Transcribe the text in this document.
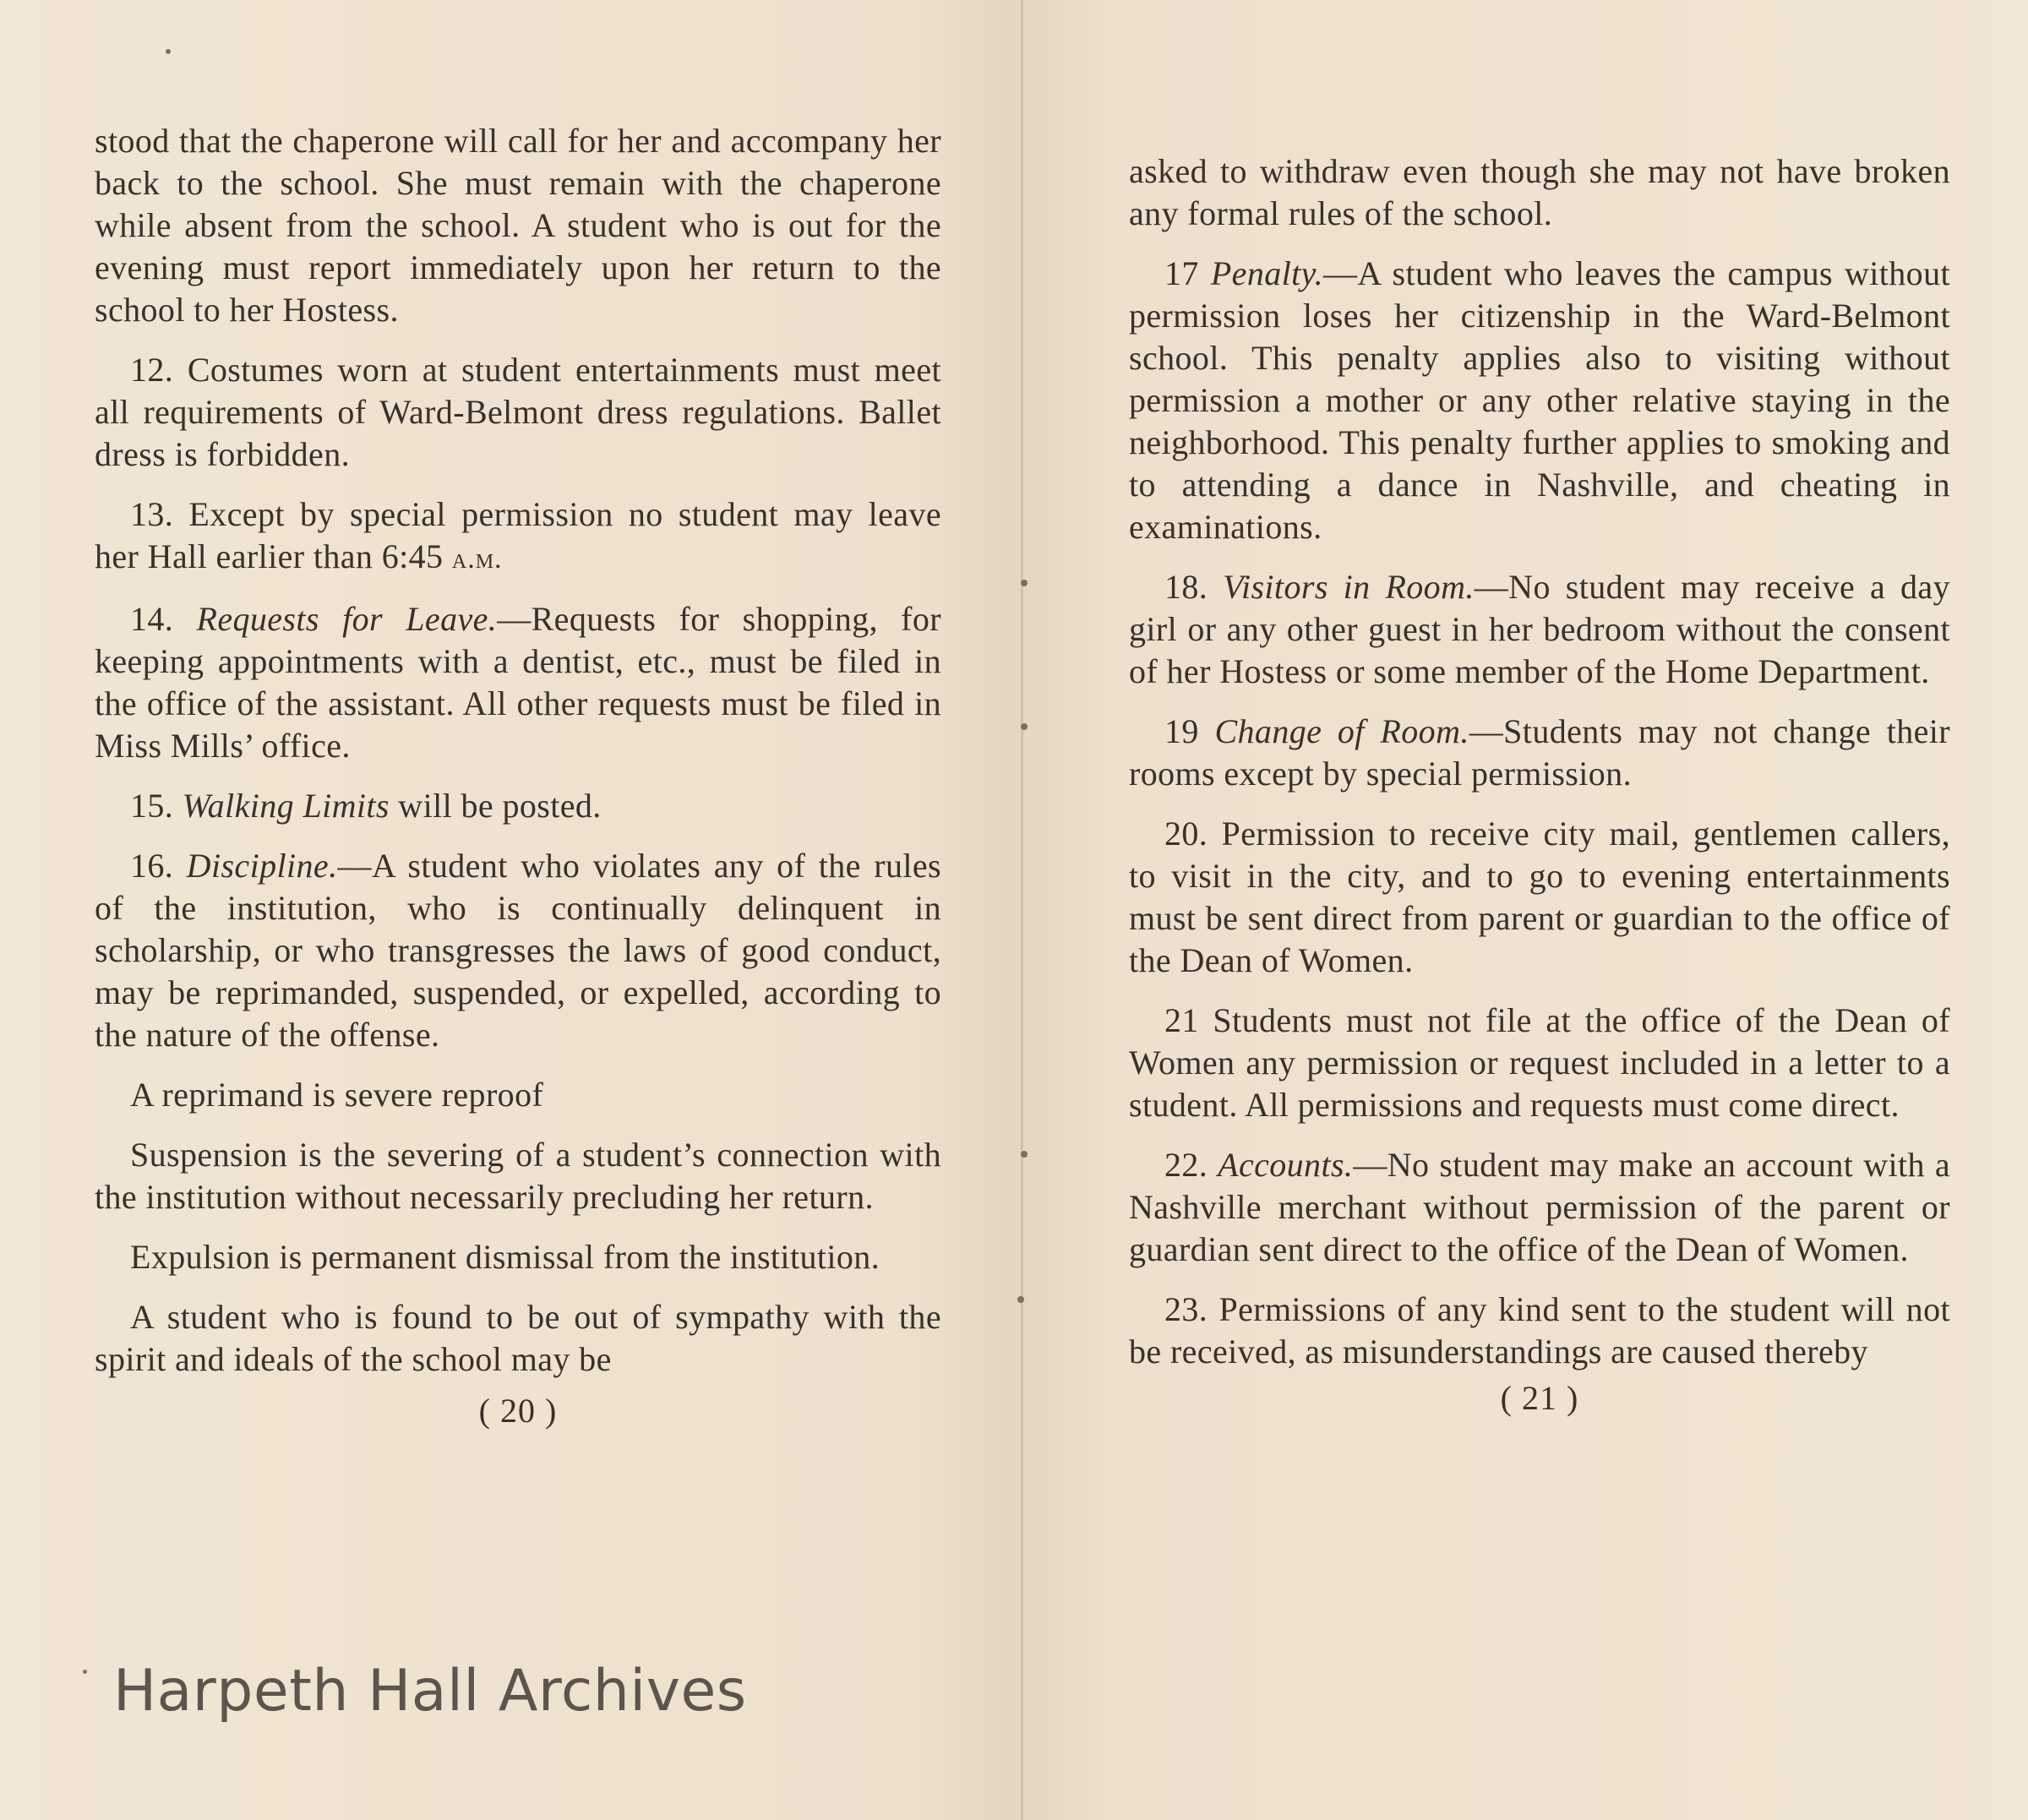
stood that the chaperone will call for her and accompany her back to the school. She must remain with the chaperone while absent from the school. A student who is out for the evening must report immediately upon her return to the school to her Hostess.

12. Costumes worn at student entertainments must meet all requirements of Ward-Belmont dress regulations. Ballet dress is forbidden.

13. Except by special permission no student may leave her Hall earlier than 6:45 a.m.

14. Requests for Leave.—Requests for shopping, for keeping appointments with a dentist, etc., must be filed in the office of the assistant. All other requests must be filed in Miss Mills’ office.

15. Walking Limits will be posted.

16. Discipline.—A student who violates any of the rules of the institution, who is continually delinquent in scholarship, or who transgresses the laws of good conduct, may be reprimanded, suspended, or expelled, according to the nature of the offense.

A reprimand is severe reproof

Suspension is the severing of a student’s connection with the institution without necessarily precluding her return.

Expulsion is permanent dismissal from the institution.

A student who is found to be out of sympathy with the spirit and ideals of the school may be

( 20 )

asked to withdraw even though she may not have broken any formal rules of the school.

17 Penalty.—A student who leaves the campus without permission loses her citizenship in the Ward-Belmont school. This penalty applies also to visiting without permission a mother or any other relative staying in the neighborhood. This penalty further applies to smoking and to attending a dance in Nashville, and cheating in examinations.

18. Visitors in Room.—No student may receive a day girl or any other guest in her bedroom without the consent of her Hostess or some member of the Home Department.

19 Change of Room.—Students may not change their rooms except by special permission.

20. Permission to receive city mail, gentlemen callers, to visit in the city, and to go to evening entertainments must be sent direct from parent or guardian to the office of the Dean of Women.

21 Students must not file at the office of the Dean of Women any permission or request included in a letter to a student. All permissions and requests must come direct.

22. Accounts.—No student may make an account with a Nashville merchant without permission of the parent or guardian sent direct to the office of the Dean of Women.

23. Permissions of any kind sent to the student will not be received, as misunderstandings are caused thereby

( 21 )
Harpeth Hall Archives
